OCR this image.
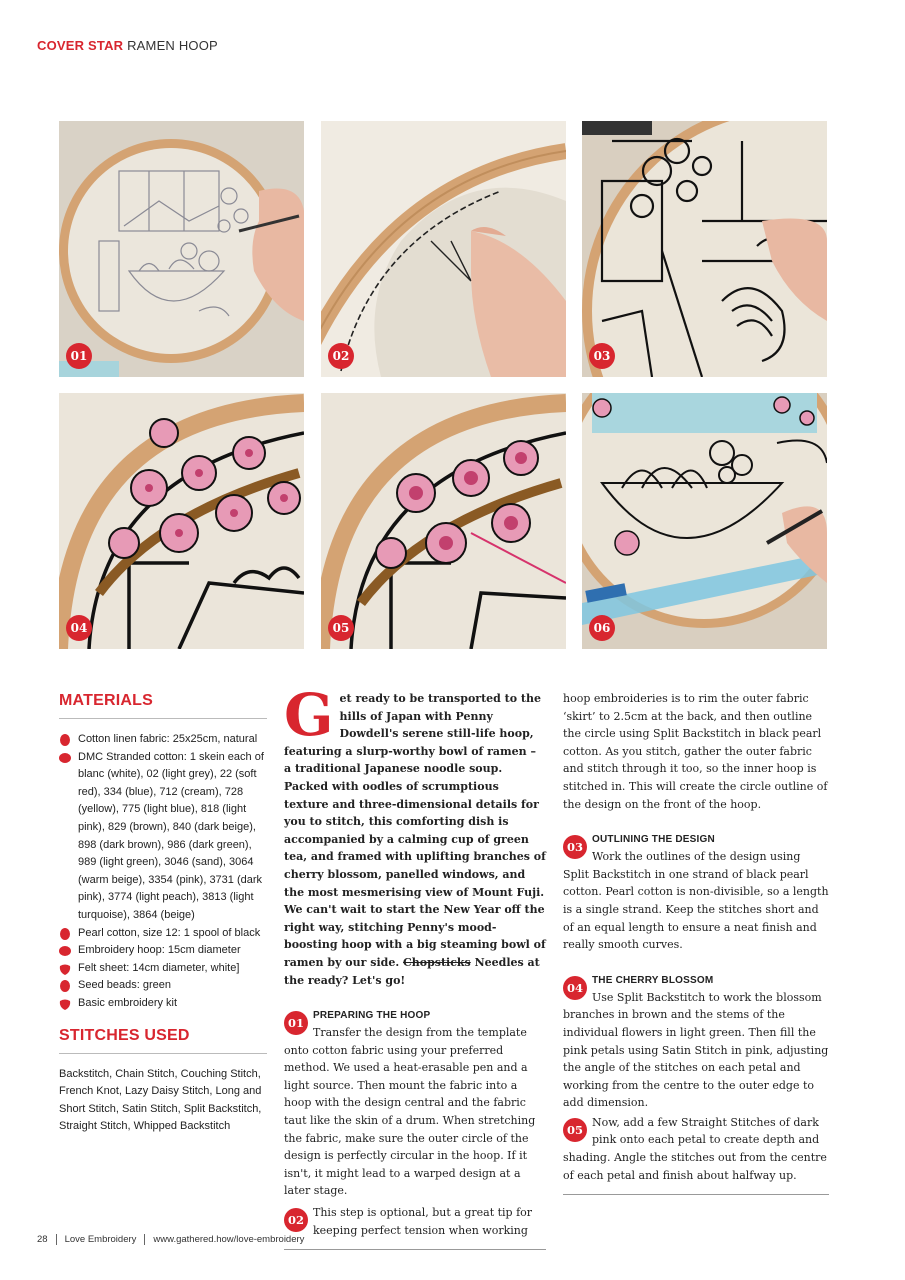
COVER STAR RAMEN HOOP
01	02	03
04	05	06
MATERIALS
Cotton linen fabric: 25x25cm, natural
DMC Stranded cotton: 1 skein each of blanc (white), 02 (light grey), 22 (soft red), 334 (blue), 712 (cream), 728 (yellow), 775 (light blue), 818 (light pink), 829 (brown), 840 (dark beige), 898 (dark brown), 986 (dark green), 989 (light green), 3046 (sand), 3064 (warm beige), 3354 (pink), 3731 (dark pink), 3774 (light peach), 3813 (light turquoise), 3864 (beige)
Pearl cotton, size 12: 1 spool of black
Embroidery hoop: 15cm diameter
Felt sheet: 14cm diameter, white]
Seed beads: green
Basic embroidery kit
STITCHES USED

Backstitch, Chain Stitch, Couching Stitch, French Knot, Lazy Daisy Stitch, Long and Short Stitch, Satin Stitch, Split Backstitch, Straight Stitch, Whipped Backstitch

Get ready to be transported to the hills of Japan with Penny Dowdell's serene still-life hoop, featuring a slurp-worthy bowl of ramen – a traditional Japanese noodle soup. Packed with oodles of scrumptious texture and three-dimensional details for you to stitch, this comforting dish is accompanied by a calming cup of green tea, and framed with uplifting branches of cherry blossom, panelled windows, and the most mesmerising view of Mount Fuji. We can't wait to start the New Year off the right way, stitching Penny's mood-boosting hoop with a big steaming bowl of ramen by our side. Chopsticks Needles at the ready? Let's go!

01
PREPARING THE HOOP
Transfer the design from the template onto cotton fabric using your preferred method. We used a heat-erasable pen and a light source. Then mount the fabric into a hoop with the design central and the fabric taut like the skin of a drum. When stretching the fabric, make sure the outer circle of the design is perfectly circular in the hoop. If it isn't, it might lead to a warped design at a later stage.
02
This step is optional, but a great tip for keeping perfect tension when working

hoop embroideries is to rim the outer fabric ‘skirt’ to 2.5cm at the back, and then outline the circle using Split Backstitch in black pearl cotton. As you stitch, gather the outer fabric and stitch through it too, so the inner hoop is stitched in. This will create the circle outline of the design on the front of the hoop.

03
OUTLINING THE DESIGN
Work the outlines of the design using Split Backstitch in one strand of black pearl cotton. Pearl cotton is non-divisible, so a length is a single strand. Keep the stitches short and of an equal length to ensure a neat finish and really smooth curves.
04
THE CHERRY BLOSSOM
Use Split Backstitch to work the blossom branches in brown and the stems of the individual flowers in light green. Then fill the pink petals using Satin Stitch in pink, adjusting the angle of the stitches on each petal and working from the centre to the outer edge to add dimension.
05
Now, add a few Straight Stitches of dark pink onto each petal to create depth and shading. Angle the stitches out from the centre of each petal and finish about halfway up.
28 Love Embroidery www.gathered.how/love-embroidery
